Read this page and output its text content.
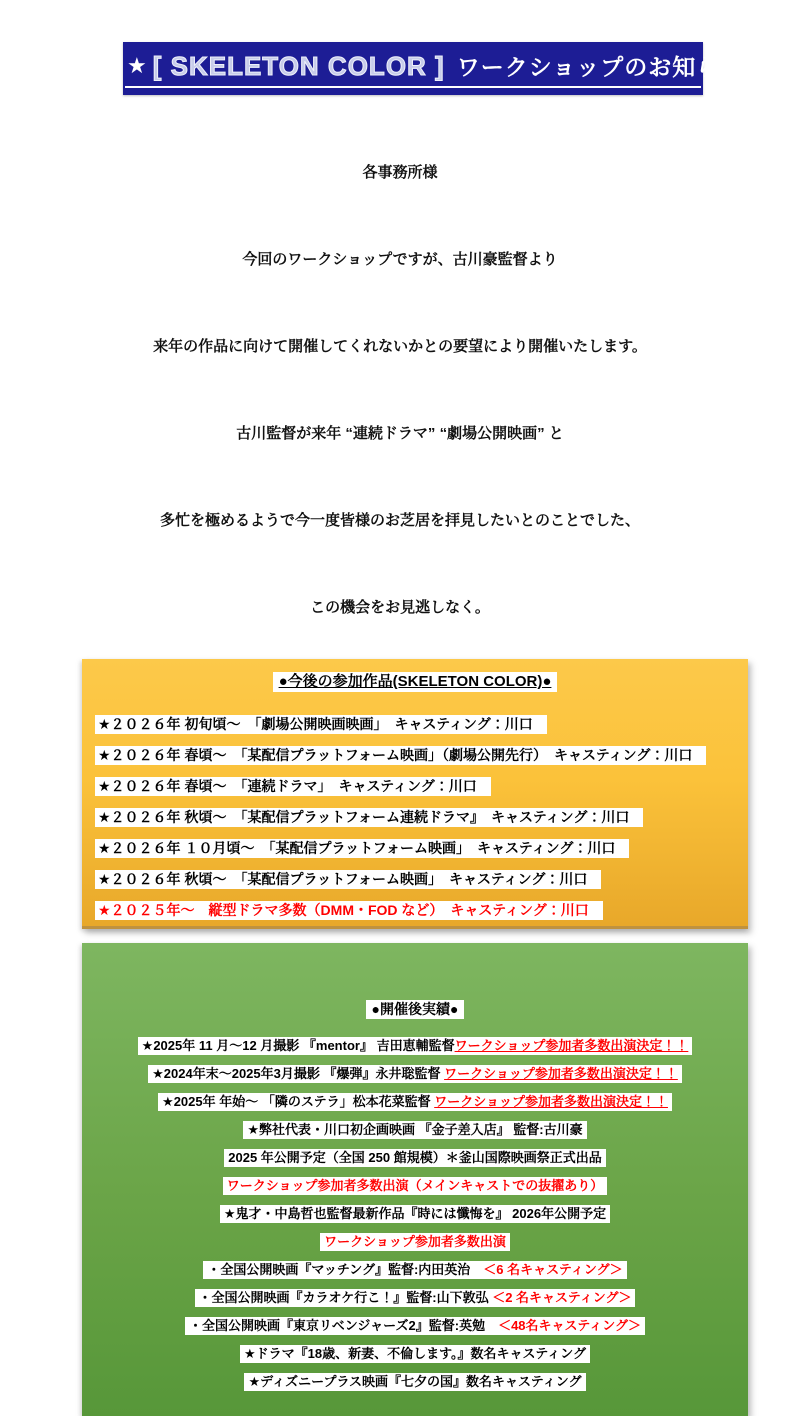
★ [ SKELETON COLOR ] ワークショップのお知らせ ★

各事務所様

今回のワークショップですが、古川豪監督より

来年の作品に向けて開催してくれないかとの要望により開催いたします。

古川監督が来年 “連続ドラマ” “劇場公開映画” と

多忙を極めるようで今一度皆様のお芝居を拝見したいとのことでした、

この機会をお見逃しなく。

●今後の参加作品(SKELETON COLOR)●
★２０２６年 初旬頃～　「劇場公開映画映画」　キャスティング：川口
★２０２６年 春頃～　「某配信プラットフォーム映画」（劇場公開先行）　キャスティング：川口
★２０２６年 春頃～　「連続ドラマ」　キャスティング：川口
★２０２６年 秋頃～　「某配信プラットフォーム連続ドラマ』　キャスティング：川口
★２０２６年 １０月頃～　「某配信プラットフォーム映画」　キャスティング：川口
★２０２６年 秋頃～　「某配信プラットフォーム映画」　キャスティング：川口
★２０２５年～　縦型ドラマ多数（DMM・FOD など）　キャスティング：川口
●開催後実績●
★2025年 11 月～12 月撮影 『mentor』 吉田恵輔監督ワークショップ参加者多数出演決定！！
★2024年末～2025年3月撮影 『爆弾』永井聡監督 ワークショップ参加者多数出演決定！！
★2025年 年始～ 「隣のステラ」松本花菜監督 ワークショップ参加者多数出演決定！！
★弊社代表・川口初企画映画 『金子差入店』 監督:古川豪
2025 年公開予定（全国 250 館規模）＊釜山国際映画祭正式出品
ワークショップ参加者多数出演（メインキャストでの抜擢あり）
★鬼才・中島哲也監督最新作品『時には懺悔を』 2026年公開予定
ワークショップ参加者多数出演
・全国公開映画『マッチング』監督:内田英治　＜6 名キャスティング＞
・全国公開映画『カラオケ行こ！』監督:山下敦弘 ＜2 名キャスティング＞
・全国公開映画『東京リベンジャーズ2』監督:英勉　＜48名キャスティング＞
★ドラマ『18歳、新妻、不倫します。』数名キャスティング
★ディズニープラス映画『七夕の国』数名キャスティング
